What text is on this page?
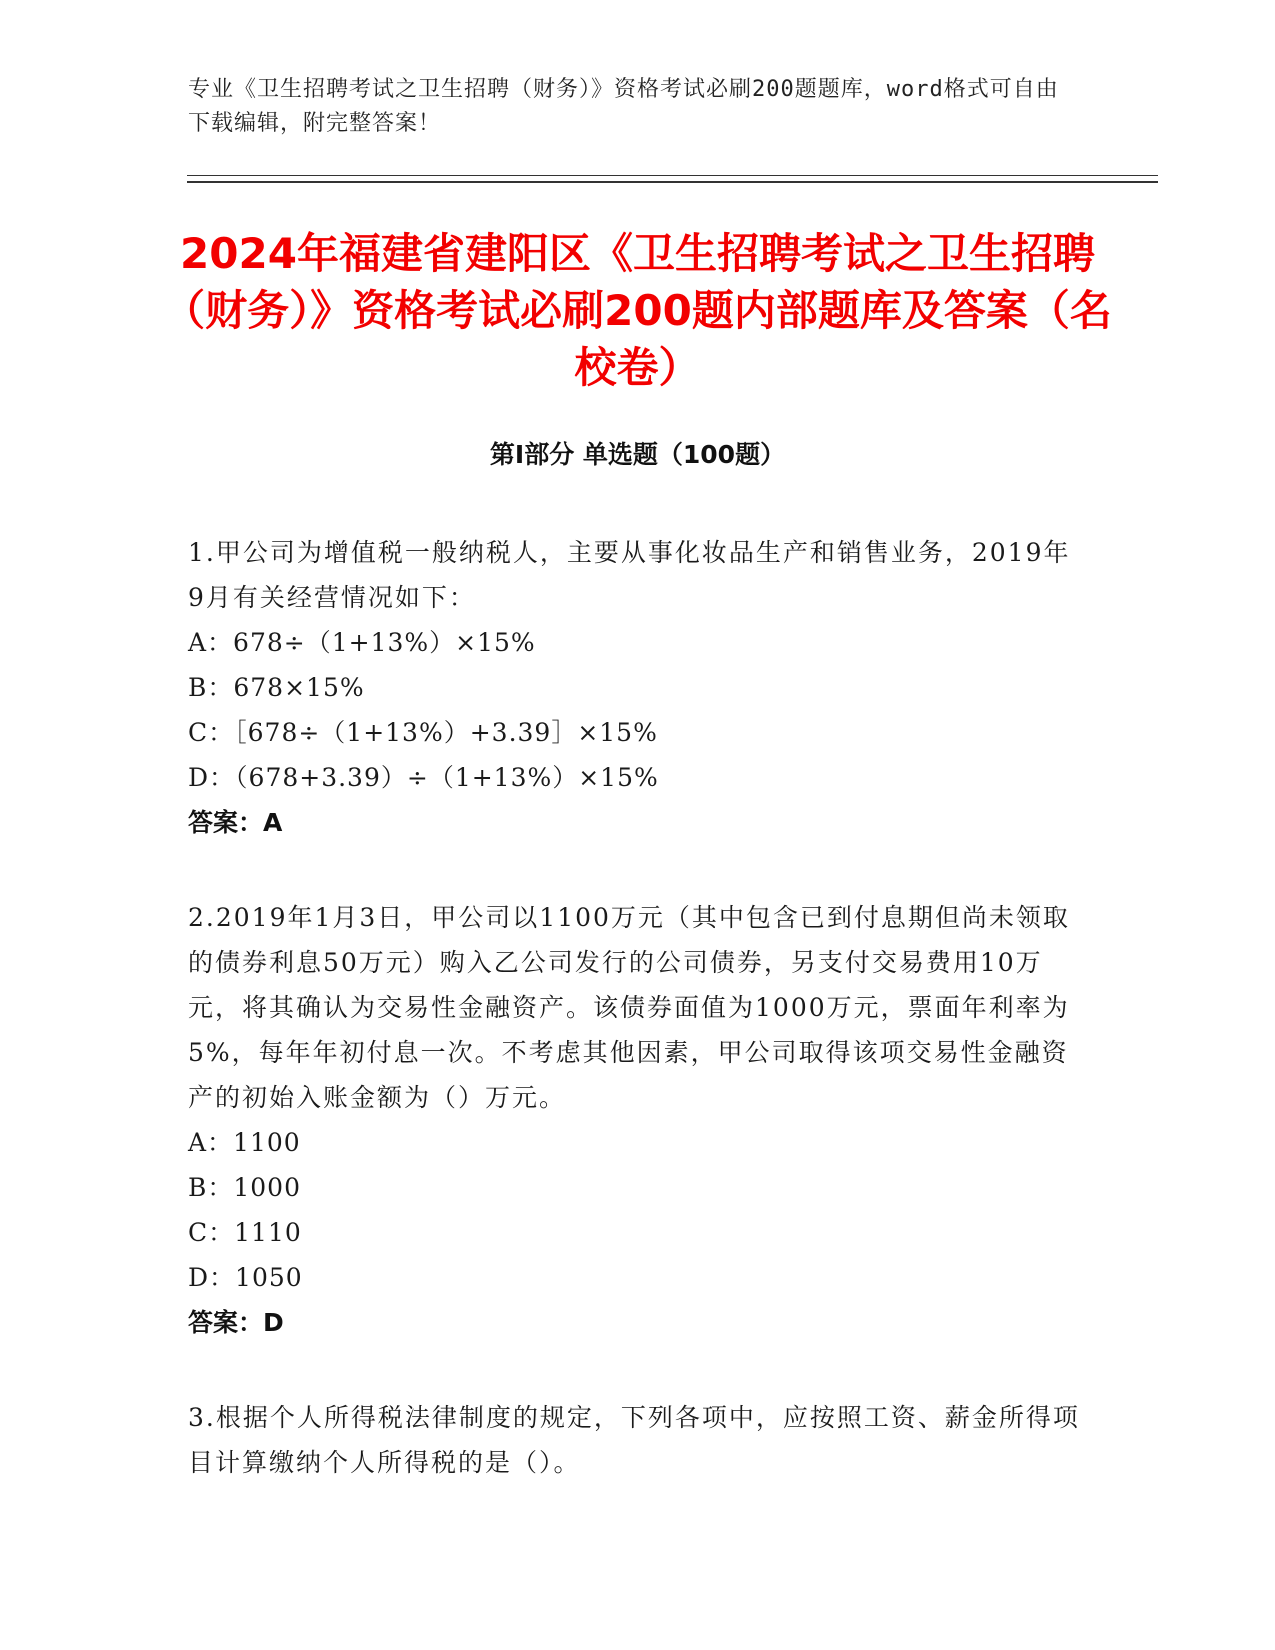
专业《卫生招聘考试之卫生招聘（财务）》资格考试必刷200题题库，word格式可自由下载编辑，附完整答案！
2024年福建省建阳区《卫生招聘考试之卫生招聘（财务）》资格考试必刷200题内部题库及答案（名校卷）
第Ⅰ部分 单选题（100题）

1.甲公司为增值税一般纳税人，主要从事化妆品生产和销售业务，2019年9月有关经营情况如下：

A：678÷（1+13%）×15%

B：678×15%

C：［678÷（1+13%）+3.39］×15%

D：（678+3.39）÷（1+13%）×15%

答案：A

2.2019年1月3日，甲公司以1100万元（其中包含已到付息期但尚未领取的债券利息50万元）购入乙公司发行的公司债券，另支付交易费用10万元，将其确认为交易性金融资产。该债券面值为1000万元，票面年利率为5%，每年年初付息一次。不考虑其他因素，甲公司取得该项交易性金融资产的初始入账金额为（）万元。

A：1100

B：1000

C：1110

D：1050

答案：D

3.根据个人所得税法律制度的规定，下列各项中，应按照工资、薪金所得项目计算缴纳个人所得税的是（）。
